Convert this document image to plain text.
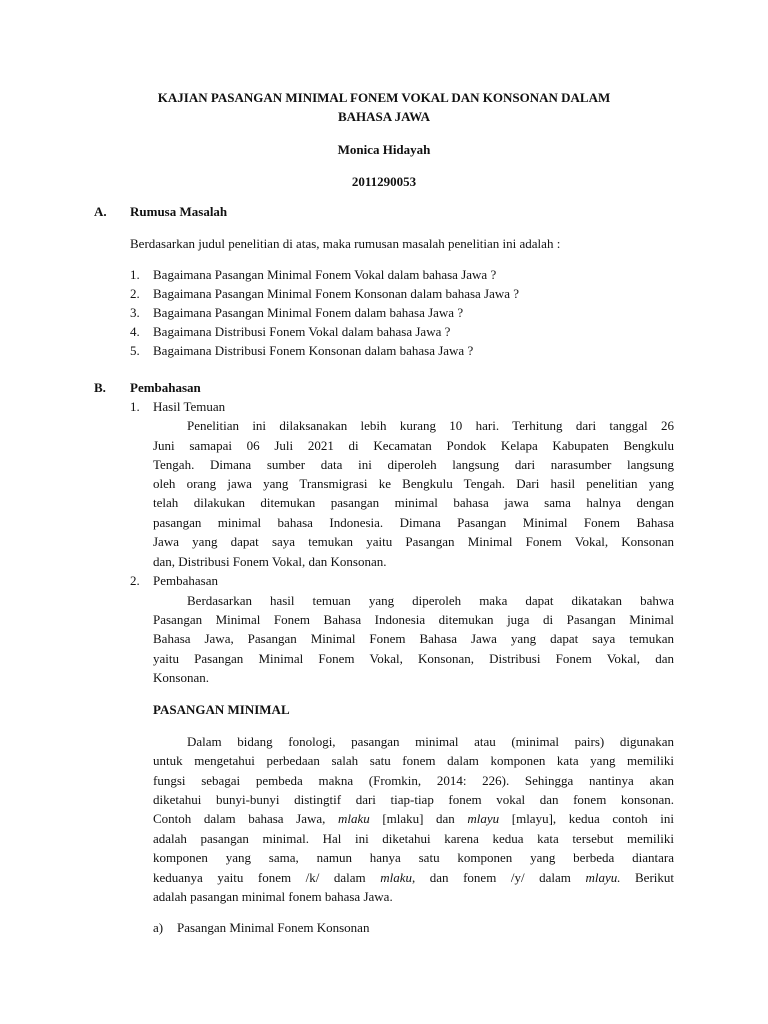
KAJIAN PASANGAN MINIMAL FONEM VOKAL DAN KONSONAN DALAM
BAHASA JAWA
Monica Hidayah
2011290053
A. Rumusa Masalah
Berdasarkan judul penelitian di atas, maka rumusan masalah penelitian ini adalah :
1. Bagaimana Pasangan Minimal Fonem Vokal dalam bahasa Jawa ?
2. Bagaimana Pasangan Minimal Fonem Konsonan dalam bahasa Jawa ?
3. Bagaimana Pasangan Minimal Fonem dalam bahasa Jawa ?
4. Bagaimana Distribusi Fonem Vokal dalam bahasa Jawa ?
5. Bagaimana Distribusi Fonem Konsonan dalam bahasa Jawa ?
B. Pembahasan
1. Hasil Temuan
Penelitian ini dilaksanakan lebih kurang 10 hari. Terhitung dari tanggal 26
Juni samapai 06 Juli 2021 di Kecamatan Pondok Kelapa Kabupaten Bengkulu
Tengah. Dimana sumber data ini diperoleh langsung dari narasumber langsung
oleh orang jawa yang Transmigrasi ke Bengkulu Tengah. Dari hasil penelitian yang
telah dilakukan ditemukan pasangan minimal bahasa jawa sama halnya dengan
pasangan minimal bahasa Indonesia. Dimana Pasangan Minimal Fonem Bahasa
Jawa yang dapat saya temukan yaitu Pasangan Minimal Fonem Vokal, Konsonan
dan, Distribusi Fonem Vokal, dan Konsonan.
2. Pembahasan
Berdasarkan hasil temuan yang diperoleh maka dapat dikatakan bahwa
Pasangan Minimal Fonem Bahasa Indonesia ditemukan juga di Pasangan Minimal
Bahasa Jawa, Pasangan Minimal Fonem Bahasa Jawa yang dapat saya temukan
yaitu Pasangan Minimal Fonem Vokal, Konsonan, Distribusi Fonem Vokal, dan
Konsonan.
PASANGAN MINIMAL
Dalam bidang fonologi, pasangan minimal atau (minimal pairs) digunakan
untuk mengetahui perbedaan salah satu fonem dalam komponen kata yang memiliki
fungsi sebagai pembeda makna (Fromkin, 2014: 226). Sehingga nantinya akan
diketahui bunyi-bunyi distingtif dari tiap-tiap fonem vokal dan fonem konsonan.
Contoh dalam bahasa Jawa, mlaku [mlaku] dan mlayu [mlayu], kedua contoh ini
adalah pasangan minimal. Hal ini diketahui karena kedua kata tersebut memiliki
komponen yang sama, namun hanya satu komponen yang berbeda diantara
keduanya yaitu fonem /k/ dalam mlaku, dan fonem /y/ dalam mlayu. Berikut
adalah pasangan minimal fonem bahasa Jawa.
a) Pasangan Minimal Fonem Konsonan
